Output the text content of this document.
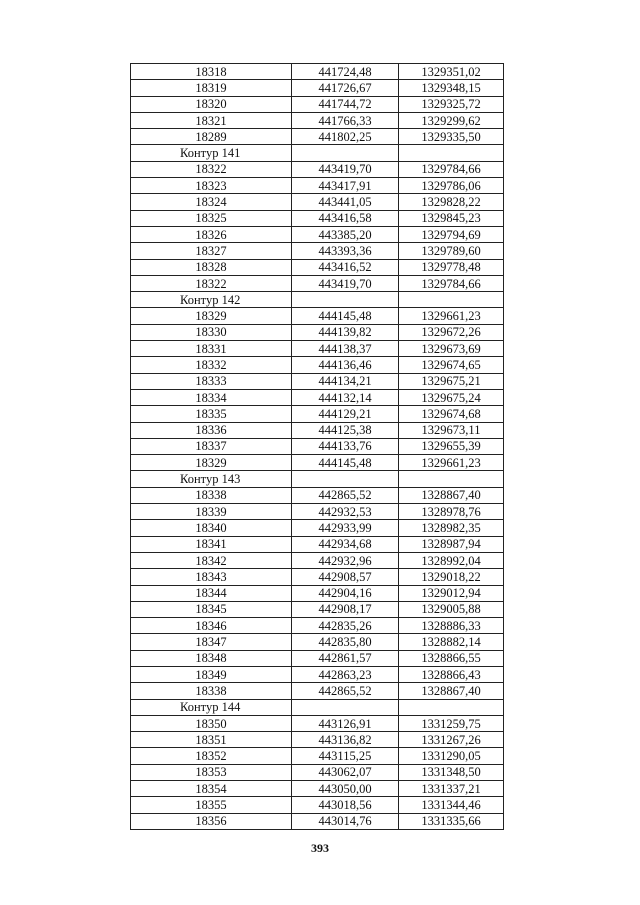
18318	441724,48	1329351,02
18319	441726,67	1329348,15
18320	441744,72	1329325,72
18321	441766,33	1329299,62
18289	441802,25	1329335,50
Контур 141		
18322	443419,70	1329784,66
18323	443417,91	1329786,06
18324	443441,05	1329828,22
18325	443416,58	1329845,23
18326	443385,20	1329794,69
18327	443393,36	1329789,60
18328	443416,52	1329778,48
18322	443419,70	1329784,66
Контур 142		
18329	444145,48	1329661,23
18330	444139,82	1329672,26
18331	444138,37	1329673,69
18332	444136,46	1329674,65
18333	444134,21	1329675,21
18334	444132,14	1329675,24
18335	444129,21	1329674,68
18336	444125,38	1329673,11
18337	444133,76	1329655,39
18329	444145,48	1329661,23
Контур 143		
18338	442865,52	1328867,40
18339	442932,53	1328978,76
18340	442933,99	1328982,35
18341	442934,68	1328987,94
18342	442932,96	1328992,04
18343	442908,57	1329018,22
18344	442904,16	1329012,94
18345	442908,17	1329005,88
18346	442835,26	1328886,33
18347	442835,80	1328882,14
18348	442861,57	1328866,55
18349	442863,23	1328866,43
18338	442865,52	1328867,40
Контур 144		
18350	443126,91	1331259,75
18351	443136,82	1331267,26
18352	443115,25	1331290,05
18353	443062,07	1331348,50
18354	443050,00	1331337,21
18355	443018,56	1331344,46
18356	443014,76	1331335,66
393
